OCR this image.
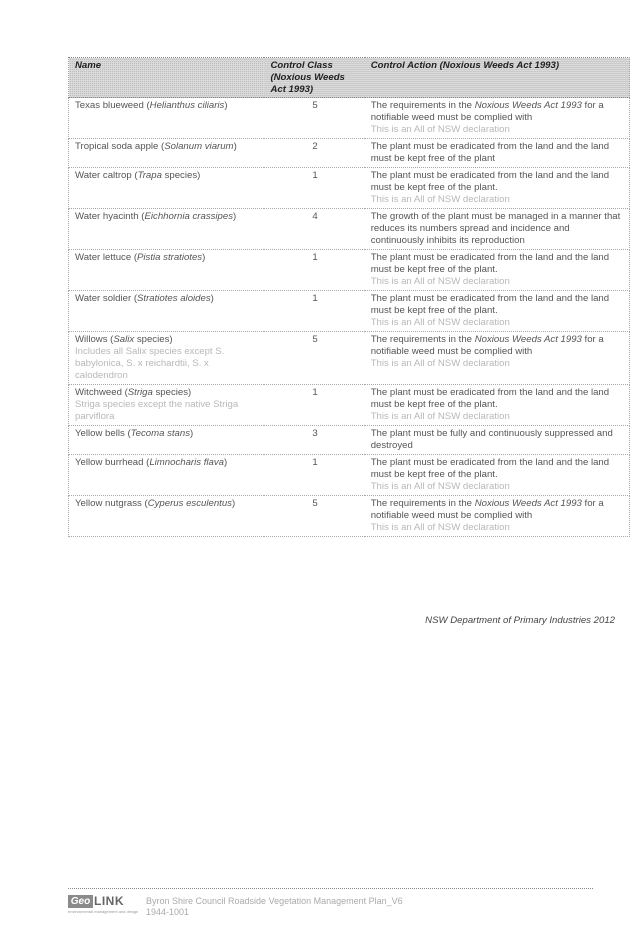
Name	Control Class (Noxious Weeds Act 1993)	Control Action (Noxious Weeds Act 1993)
Texas blueweed (Helianthus ciliaris)	5	The requirements in the Noxious Weeds Act 1993 for a notifiable weed must be complied with
This is an All of NSW declaration

Tropical soda apple (Solanum viarum)	2	The plant must be eradicated from the land and the land must be kept free of the plant
Water caltrop (Trapa species)	1	The plant must be eradicated from the land and the land must be kept free of the plant.
This is an All of NSW declaration

Water hyacinth (Eichhornia crassipes)	4	The growth of the plant must be managed in a manner that reduces its numbers spread and incidence and continuously inhibits its reproduction
Water lettuce (Pistia stratiotes)	1	The plant must be eradicated from the land and the land must be kept free of the plant.
This is an All of NSW declaration

Water soldier (Stratiotes aloides)	1	The plant must be eradicated from the land and the land must be kept free of the plant.
This is an All of NSW declaration

Willows (Salix species)
Includes all Salix species except S. babylonica, S. x reichardtii, S. x calodendron	5	The requirements in the Noxious Weeds Act 1993 for a notifiable weed must be complied with
This is an All of NSW declaration

Witchweed (Striga species)
Striga species except the native Striga parviflora	1	The plant must be eradicated from the land and the land must be kept free of the plant.
This is an All of NSW declaration

Yellow bells (Tecoma stans)	3	The plant must be fully and continuously suppressed and destroyed
Yellow burrhead (Limnocharis flava)	1	The plant must be eradicated from the land and the land must be kept free of the plant.
This is an All of NSW declaration

Yellow nutgrass (Cyperus esculentus)	5	The requirements in the Noxious Weeds Act 1993 for a notifiable weed must be complied with
This is an All of NSW declaration
NSW Department of Primary Industries 2012
Geo LINK
environmental management and design
Byron Shire Council Roadside Vegetation Management Plan_V6
1944-1001
